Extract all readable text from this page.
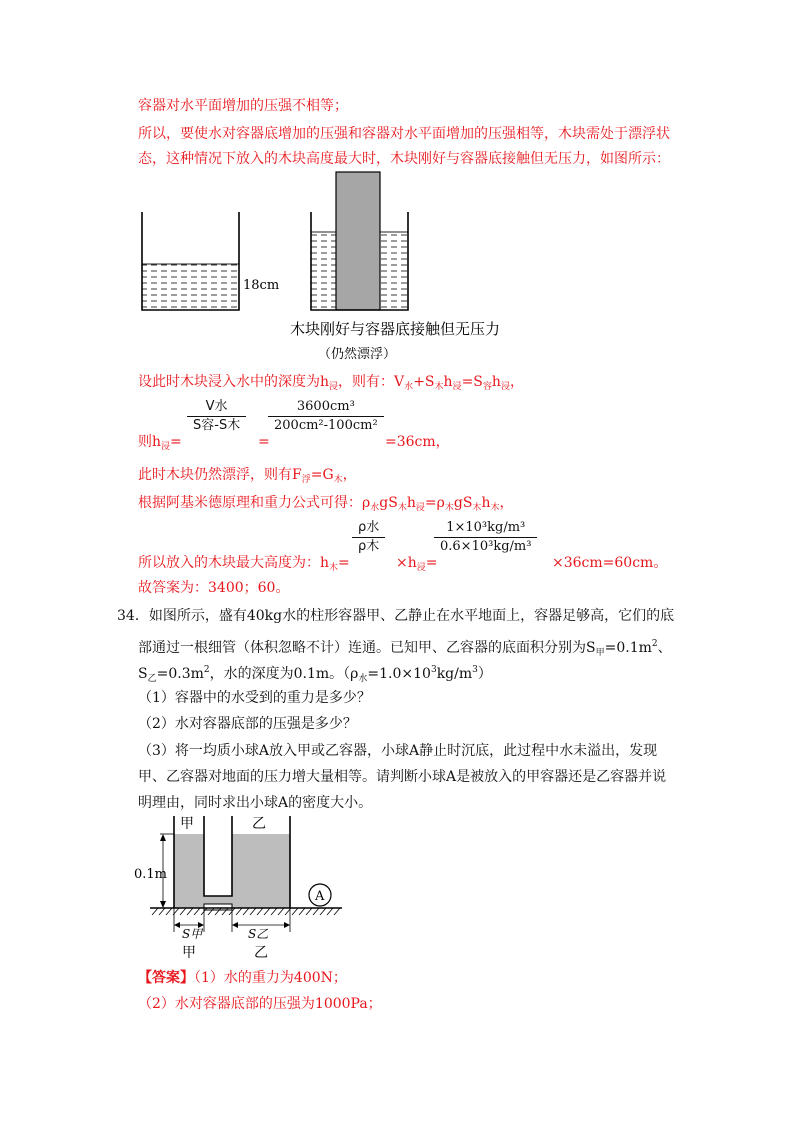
容器对水平面增加的压强不相等；
所以，要使水对容器底增加的压强和容器对水平面增加的压强相等，木块需处于漂浮状
态，这种情况下放入的木块高度最大时，木块刚好与容器底接触但无压力，如图所示：
18cm
木块刚好与容器底接触但无压力
（仍然漂浮）
设此时木块浸入水中的深度为$h_浸$，则有：$V_水+S_木h_浸=S_容h_浸$，
则$h_浸=$
V水
S容-S木
=
$\frac{\text{3600cm³}}{\text{200cm²-100cm²}}$
=36cm，
此时木块仍然漂浮，则有$F_浮=G_木$，
根据阿基米德原理和重力公式可得：$\rho_水gS_木h_浸=\rho_木gS_木h_木$，
所以放入的木块最大高度为：$h_木=$
ρ水
ρ木
$\times h_浸=$
$\frac{\text{1×10³kg/m³}}{\text{0.6×10³kg/m³}}$
×36cm=60cm。
故答案为：3400；60。
34．如图所示，盛有40kg水的柱形容器甲、乙静止在水平地面上，容器足够高，它们的底
部通过一根细管（体积忽略不计）连通。已知甲、乙容器的底面积分别为$S_甲=0.1m^2$、
$S_乙=0.3m^2$，水的深度为0.1m。$(\rho_水=1.0\times 10^3kg/m^3)$
（1）容器中的水受到的重力是多少？
（2）水对容器底部的压强是多少？
（3）将一均质小球A放入甲或乙容器，小球A静止时沉底，此过程中水未溢出，发现
甲、乙容器对地面的压力增大量相等。请判断小球A是被放入的甲容器还是乙容器并说
明理由，同时求出小球A的密度大小。
甲	乙
0.1m
A
S甲	S乙
甲	乙
【答案】（1）水的重力为400N；
（2）水对容器底部的压强为1000Pa；
